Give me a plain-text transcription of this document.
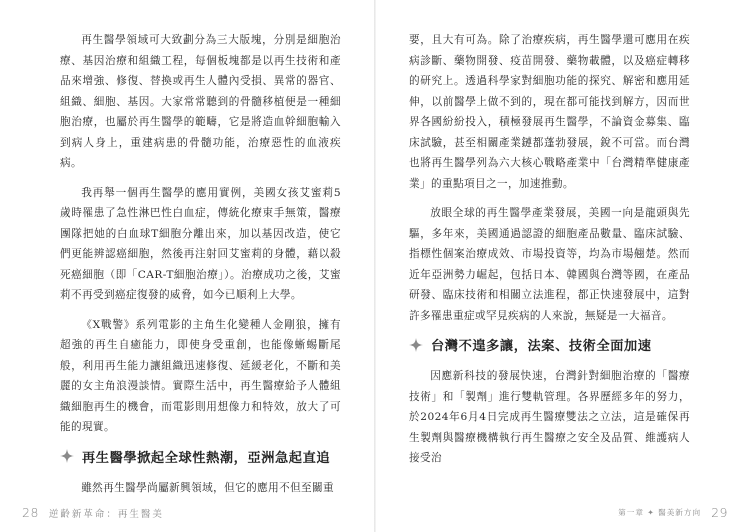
再生醫學領域可大致劃分為三大版塊，分別是細胞治療、基因治療和組織工程，每個板塊都是以再生技術和產品來增強、修復、替換或再生人體內受損、異常的器官、組織、細胞、基因。大家常常聽到的骨髓移植便是一種細胞治療，也屬於再生醫學的範疇，它是將造血幹細胞輸入到病人身上，重建病患的骨髓功能，治療惡性的血液疾病。

我再舉一個再生醫學的應用實例，美國女孩艾蜜莉5歲時罹患了急性淋巴性白血症，傳統化療束手無策，醫療團隊把她的白血球T細胞分離出來，加以基因改造，使它們更能辨認癌細胞，然後再注射回艾蜜莉的身體，藉以殺死癌細胞（即「CAR-T細胞治療」）。治療成功之後，艾蜜莉不再受到癌症復發的威脅，如今已順利上大學。

《X戰警》系列電影的主角生化變種人金剛狼，擁有超強的再生自癒能力，即使身受重創，也能像蜥蜴斷尾般，利用再生能力讓組織迅速修復、延緩老化，不斷和美麗的女主角浪漫談情。實際生活中，再生醫療給予人體組織細胞再生的機會，而電影則用想像力和特效，放大了可能的現實。

再生醫學掀起全球性熱潮，亞洲急起直追

雖然再生醫學尚屬新興領域，但它的應用不但至關重

要，且大有可為。除了治療疾病，再生醫學還可應用在疾病診斷、藥物開發、疫苗開發、藥物載體，以及癌症轉移的研究上。透過科學家對細胞功能的探究、解密和應用延伸，以前醫學上做不到的，現在都可能找到解方，因而世界各國紛紛投入，積極發展再生醫學，不論資金募集、臨床試驗，甚至相關產業鏈都蓬勃發展，銳不可當。而台灣也將再生醫學列為六大核心戰略產業中「台灣精準健康產業」的重點項目之一，加速推動。

放眼全球的再生醫學產業發展，美國一向是龍頭與先驅，多年來，美國通過認證的細胞產品數量、臨床試驗、指標性個案治療成效、市場投資等，均為市場翹楚。然而近年亞洲勢力崛起，包括日本、韓國與台灣等國，在產品研發、臨床技術和相關立法進程，都正快速發展中，這對許多罹患重症或罕見疾病的人來說，無疑是一大福音。

台灣不遑多讓，法案、技術全面加速

因應新科技的發展快速，台灣針對細胞治療的「醫療技術」和「製劑」進行雙軌管理。各界歷經多年的努力，於2024年6月4日完成再生醫療雙法之立法，這是確保再生製劑與醫療機構執行再生醫療之安全及品質、維護病人接受治

28 逆齡新革命：再生醫美	第一章 ✦ 醫美新方向 29
